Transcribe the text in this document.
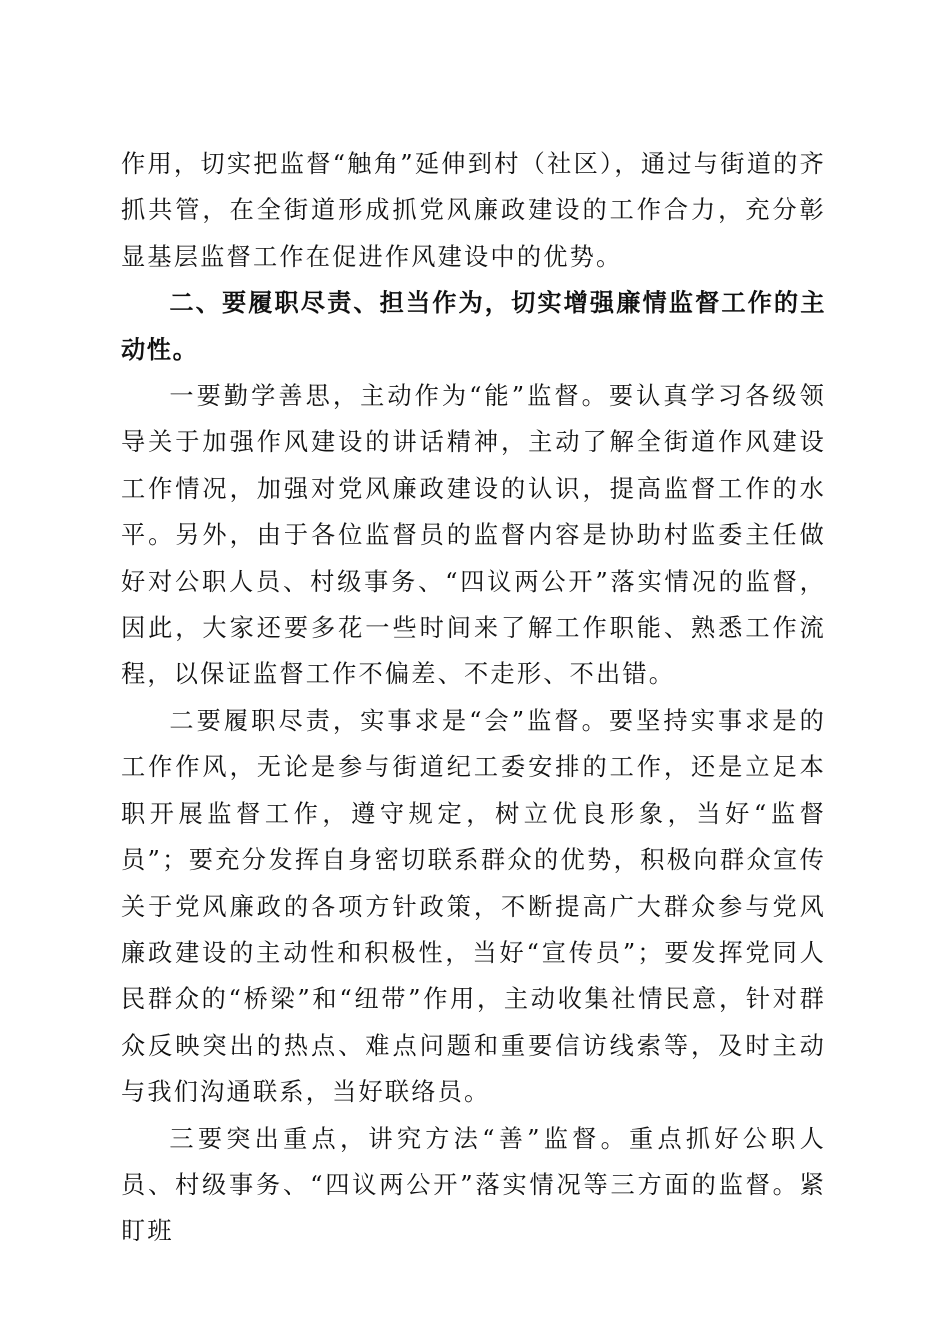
作用，切实把监督“触角”延伸到村（社区），通过与街道的齐抓共管，在全街道形成抓党风廉政建设的工作合力，充分彰显基层监督工作在促进作风建设中的优势。

二、要履职尽责、担当作为，切实增强廉情监督工作的主动性。

一要勤学善思，主动作为“能”监督。要认真学习各级领导关于加强作风建设的讲话精神，主动了解全街道作风建设工作情况，加强对党风廉政建设的认识，提高监督工作的水平。另外，由于各位监督员的监督内容是协助村监委主任做好对公职人员、村级事务、“四议两公开”落实情况的监督，因此，大家还要多花一些时间来了解工作职能、熟悉工作流程，以保证监督工作不偏差、不走形、不出错。

二要履职尽责，实事求是“会”监督。要坚持实事求是的工作作风，无论是参与街道纪工委安排的工作，还是立足本职开展监督工作，遵守规定，树立优良形象，当好“监督员”；要充分发挥自身密切联系群众的优势，积极向群众宣传关于党风廉政的各项方针政策，不断提高广大群众参与党风廉政建设的主动性和积极性，当好“宣传员”；要发挥党同人民群众的“桥梁”和“纽带”作用，主动收集社情民意，针对群众反映突出的热点、难点问题和重要信访线索等，及时主动与我们沟通联系，当好联络员。

三要突出重点，讲究方法“善”监督。重点抓好公职人员、村级事务、“四议两公开”落实情况等三方面的监督。紧盯班
